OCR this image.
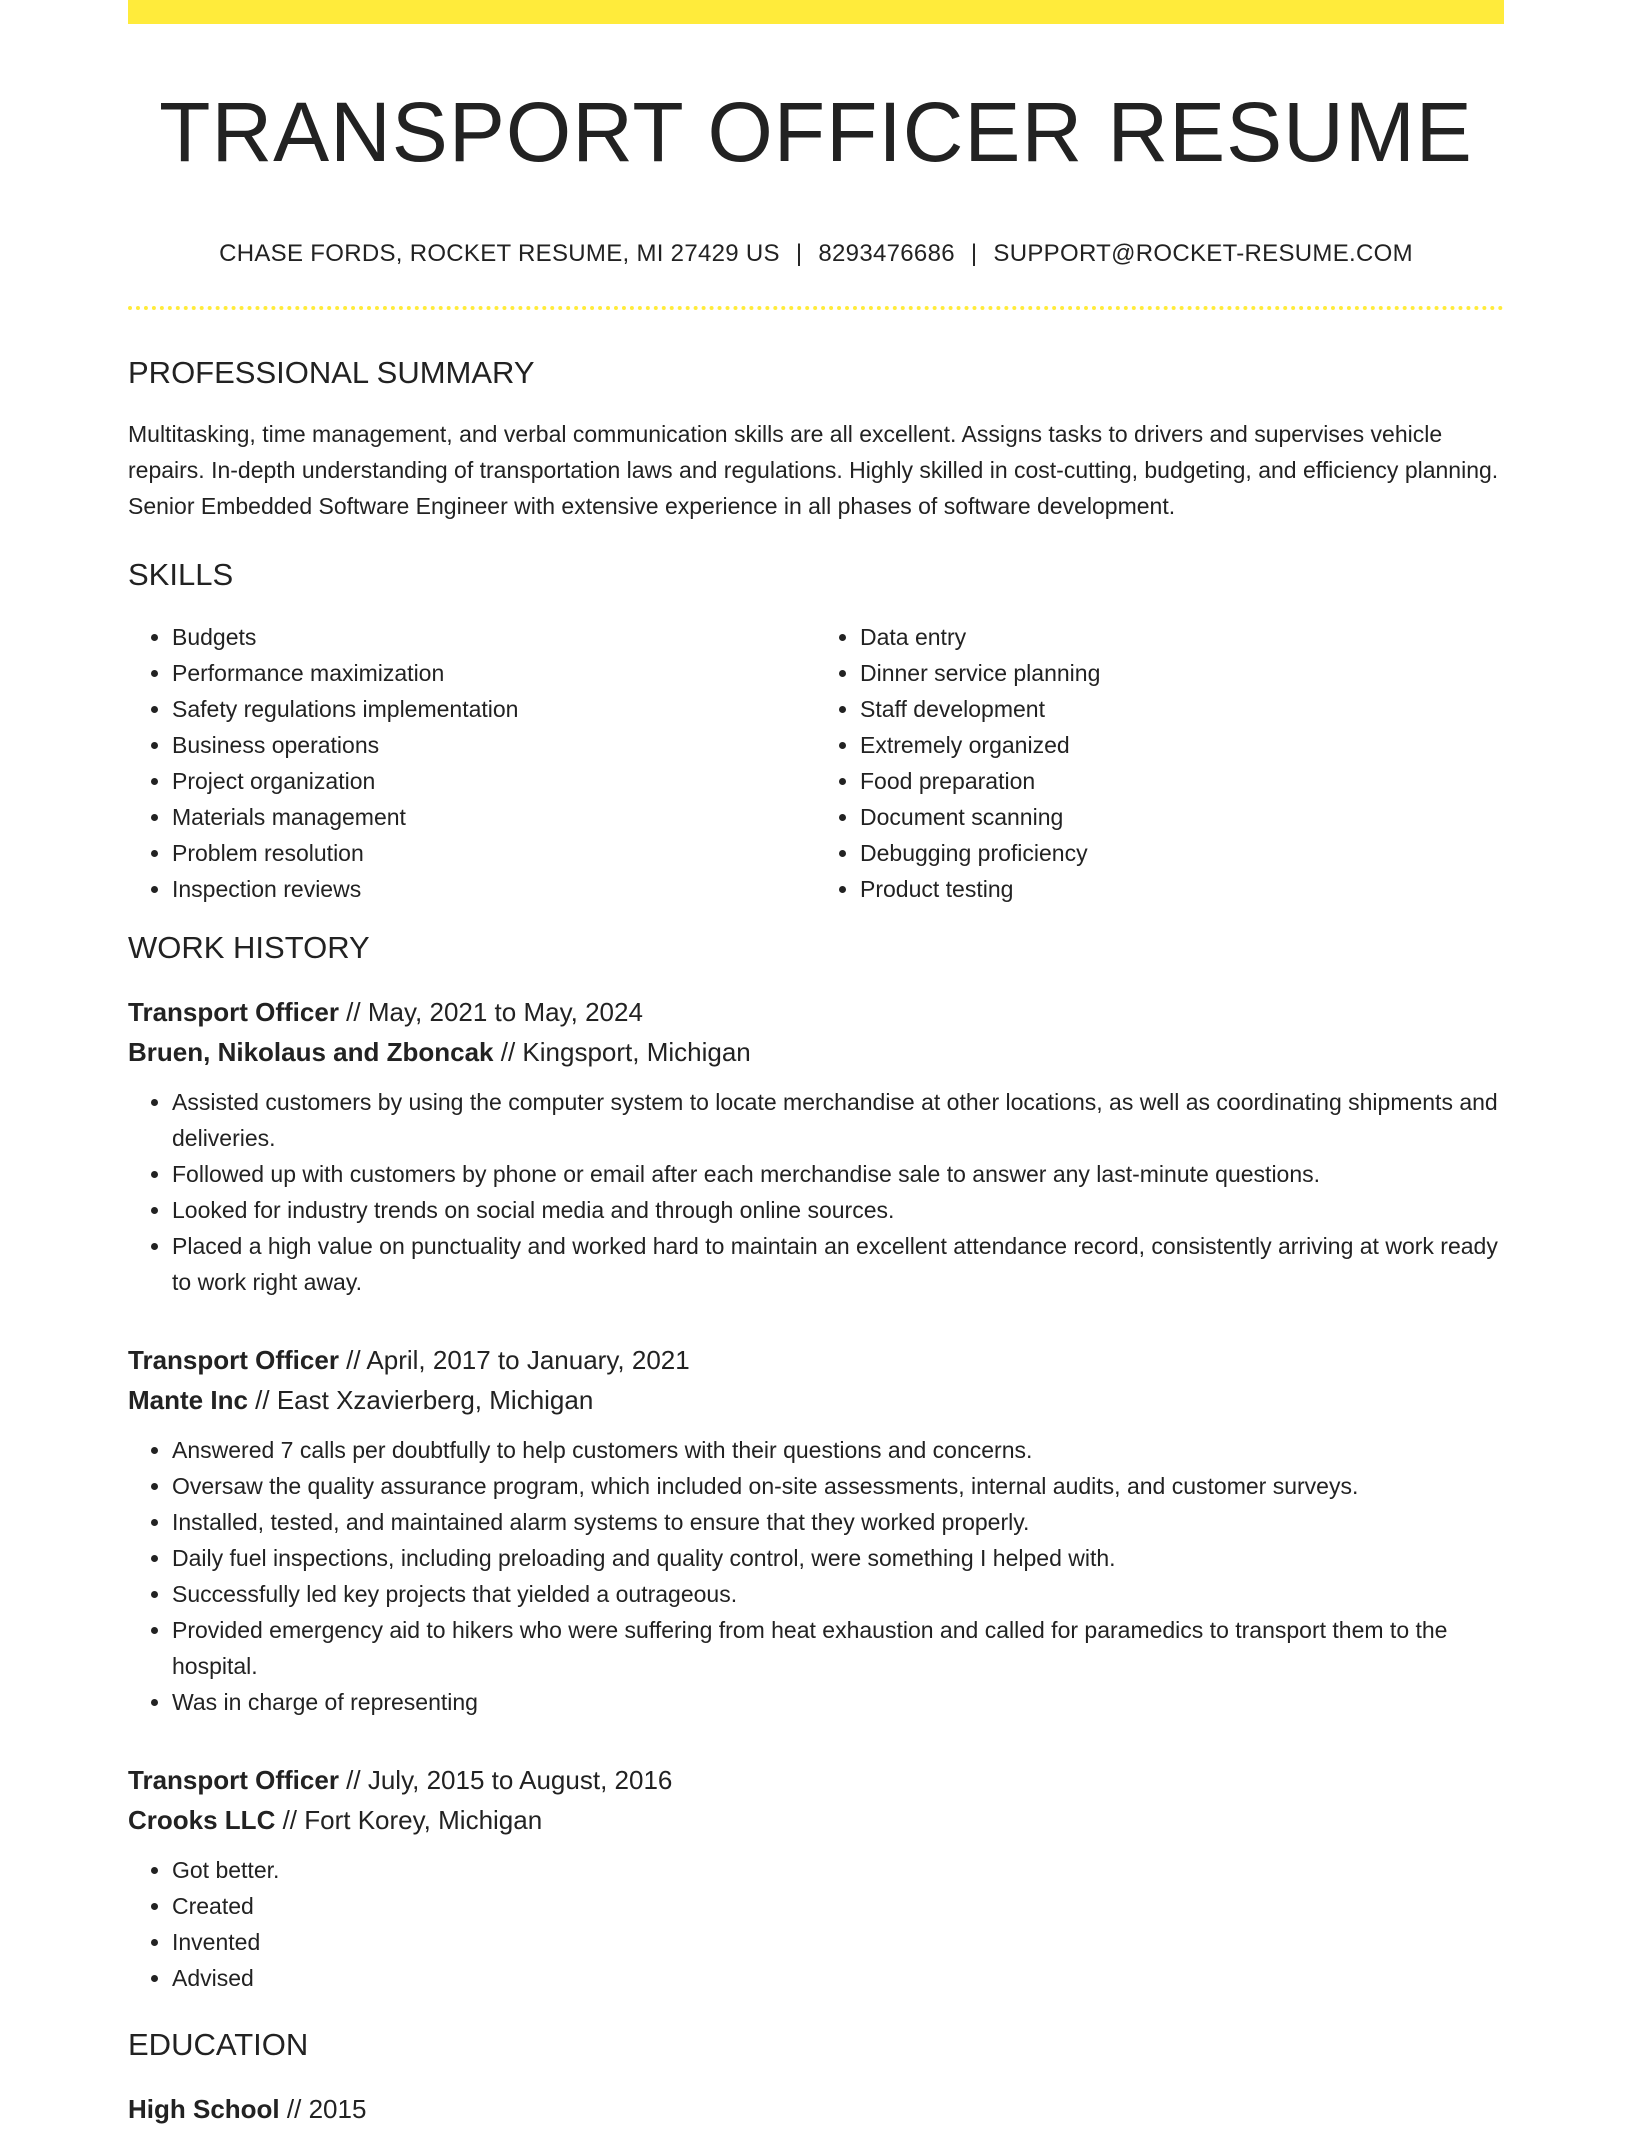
TRANSPORT OFFICER RESUME
CHASE FORDS, ROCKET RESUME, MI 27429 US | 8293476686 | SUPPORT@ROCKET-RESUME.COM
PROFESSIONAL SUMMARY

Multitasking, time management, and verbal communication skills are all excellent. Assigns tasks to drivers and supervises vehicle repairs. In-depth understanding of transportation laws and regulations. Highly skilled in cost-cutting, budgeting, and efficiency planning. Senior Embedded Software Engineer with extensive experience in all phases of software development.

SKILLS
• Budgets
• Performance maximization
• Safety regulations implementation
• Business operations
• Project organization
• Materials management
• Problem resolution
• Inspection reviews
• Data entry
• Dinner service planning
• Staff development
• Extremely organized
• Food preparation
• Document scanning
• Debugging proficiency
• Product testing
WORK HISTORY
Transport Officer // May, 2021 to May, 2024
Bruen, Nikolaus and Zboncak // Kingsport, Michigan
• Assisted customers by using the computer system to locate merchandise at other locations, as well as coordinating shipments and deliveries.
• Followed up with customers by phone or email after each merchandise sale to answer any last-minute questions.
• Looked for industry trends on social media and through online sources.
• Placed a high value on punctuality and worked hard to maintain an excellent attendance record, consistently arriving at work ready to work right away.
Transport Officer // April, 2017 to January, 2021
Mante Inc // East Xzavierberg, Michigan
• Answered 7 calls per doubtfully to help customers with their questions and concerns.
• Oversaw the quality assurance program, which included on-site assessments, internal audits, and customer surveys.
• Installed, tested, and maintained alarm systems to ensure that they worked properly.
• Daily fuel inspections, including preloading and quality control, were something I helped with.
• Successfully led key projects that yielded a outrageous.
• Provided emergency aid to hikers who were suffering from heat exhaustion and called for paramedics to transport them to the hospital.
• Was in charge of representing
Transport Officer // July, 2015 to August, 2016
Crooks LLC // Fort Korey, Michigan
• Got better.
• Created
• Invented
• Advised
EDUCATION
High School // 2015
